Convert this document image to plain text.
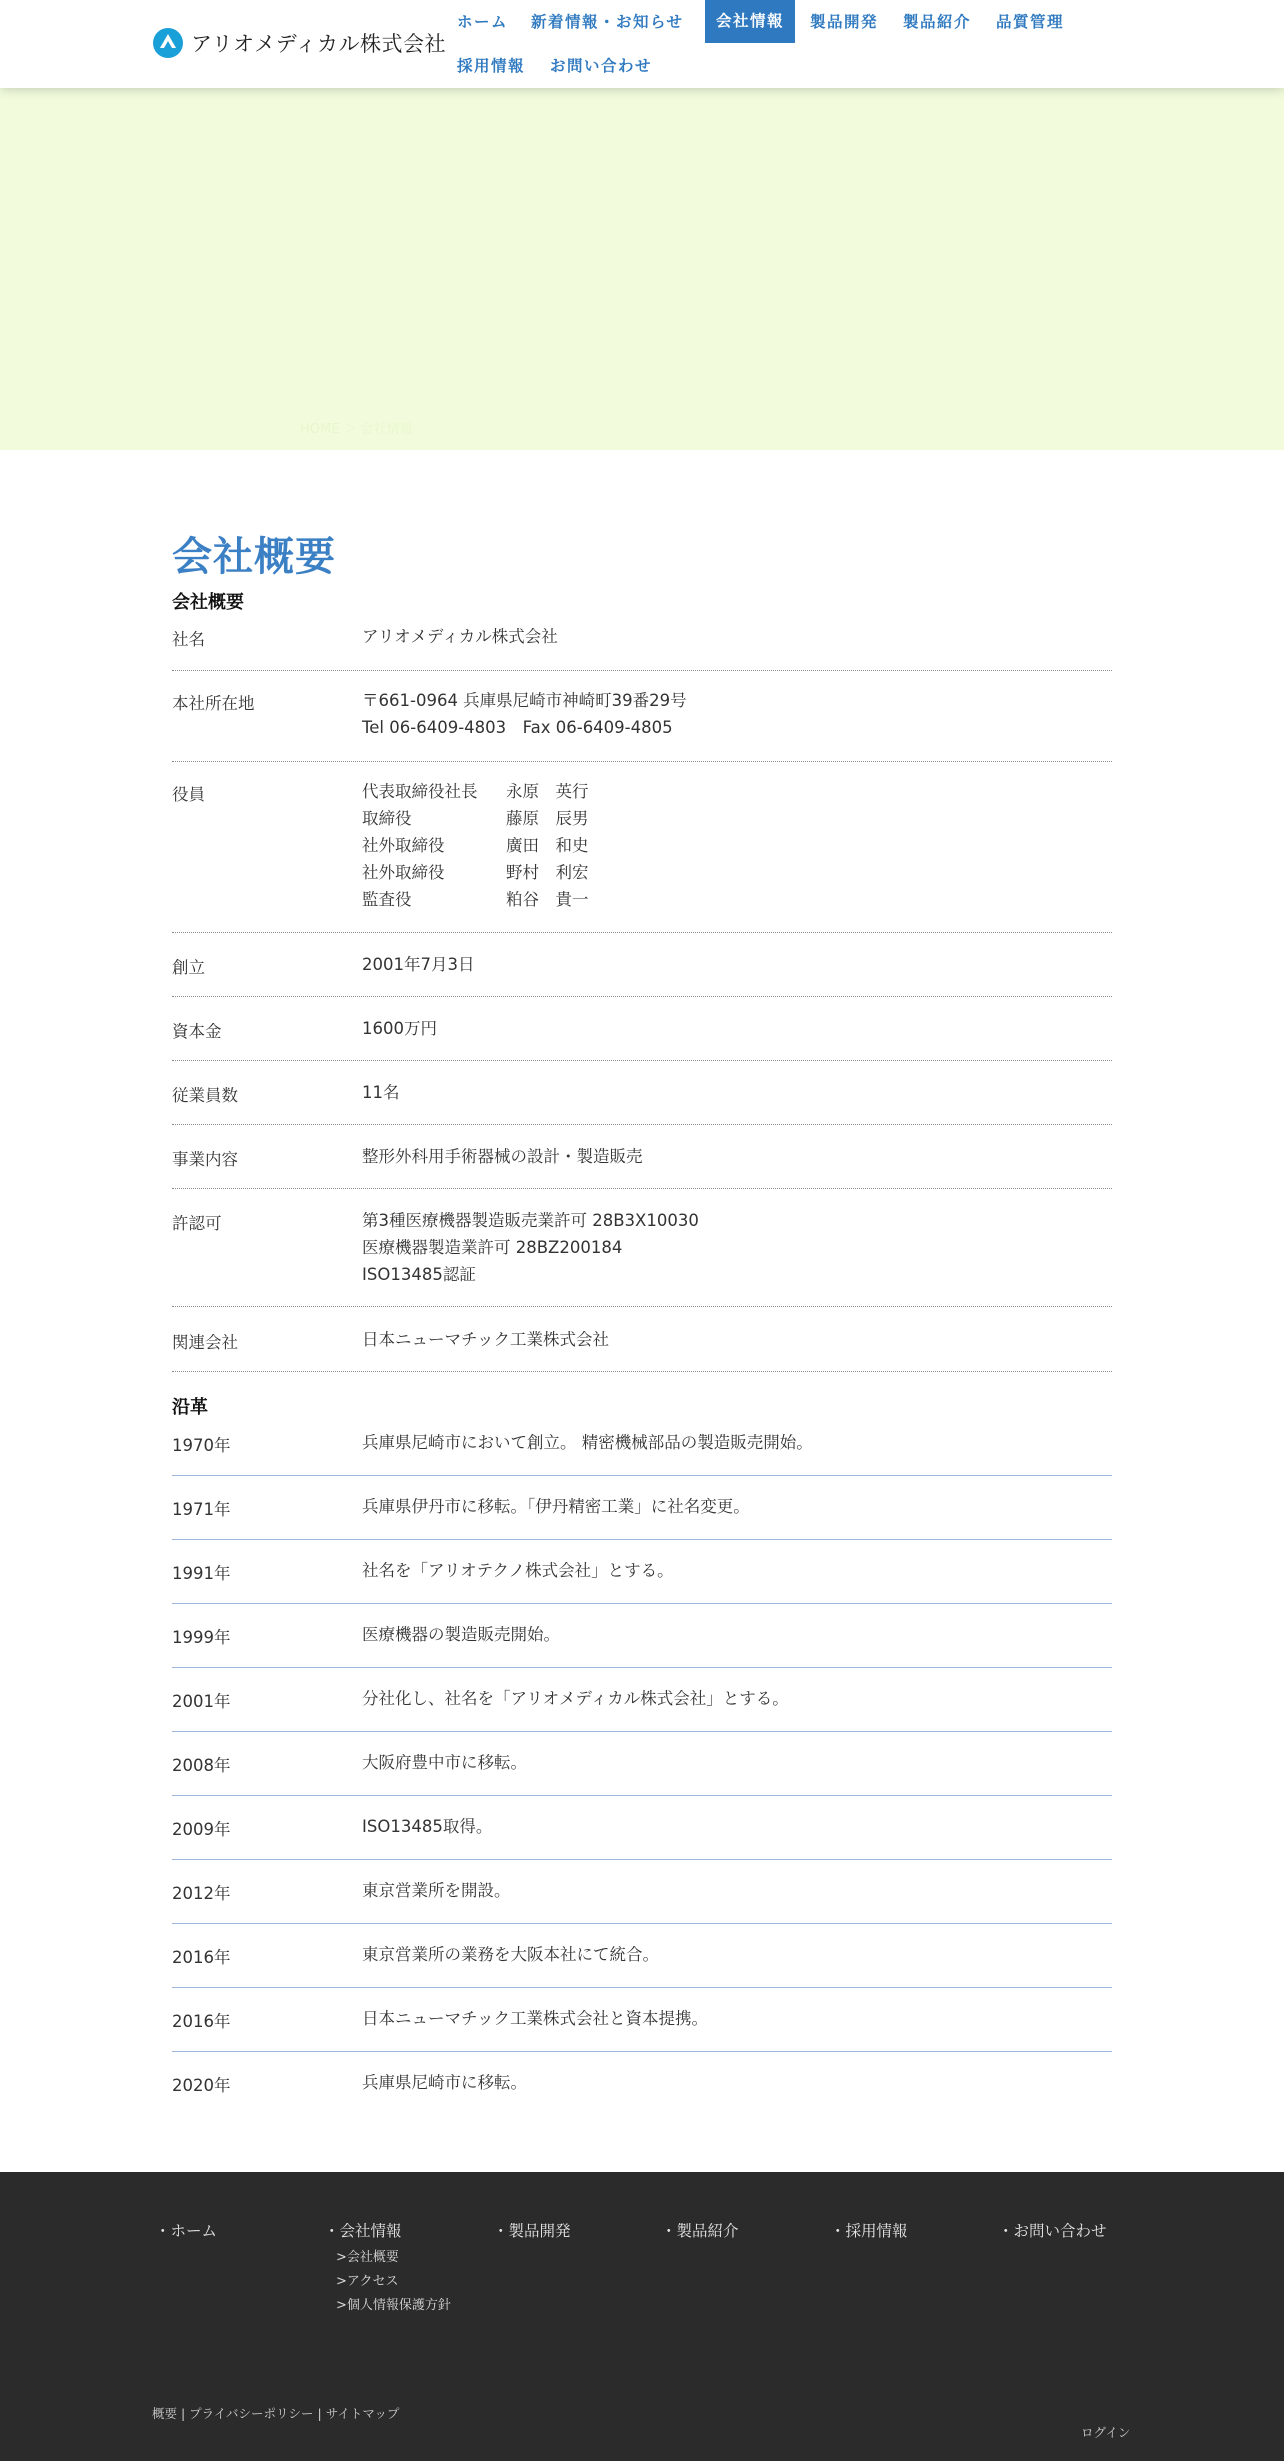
アリオメディカル株式会社
ホーム	新着情報・お知らせ	会社情報	製品開発	製品紹介	品質管理
採用情報	お問い合わせ
HOME ＞ 会社情報
会社概要
会社概要
社名	アリオメディカル株式会社
本社所在地	〒661-0964 兵庫県尼崎市神崎町39番29号
Tel 06-6409-4803　Fax 06-6409-4805
役員	代表取締役社長	永原　英行
取締役	藤原　辰男
社外取締役	廣田　和史
社外取締役	野村　利宏
監査役	粕谷　貴一
創立	2001年7月3日
資本金	1600万円
従業員数	11名
事業内容	整形外科用手術器械の設計・製造販売
許認可	第3種医療機器製造販売業許可 28B3X10030
医療機器製造業許可 28BZ200184
ISO13485認証
関連会社	日本ニューマチック工業株式会社
沿革
1970年	兵庫県尼崎市において創立。 精密機械部品の製造販売開始。
1971年	兵庫県伊丹市に移転。「伊丹精密工業」に社名変更。
1991年	社名を「アリオテクノ株式会社」とする。
1999年	医療機器の製造販売開始。
2001年	分社化し、社名を「アリオメディカル株式会社」とする。
2008年	大阪府豊中市に移転。
2009年	ISO13485取得。
2012年	東京営業所を開設。
2016年	東京営業所の業務を大阪本社にて統合。
2016年	日本ニューマチック工業株式会社と資本提携。
2020年	兵庫県尼崎市に移転。
・ホーム	・会社情報	・製品開発	・製品紹介	・採用情報	・お問い合わせ
>会社概要
>アクセス
>個人情報保護方針
概要 | プライバシーポリシー | サイトマップ
ログイン
